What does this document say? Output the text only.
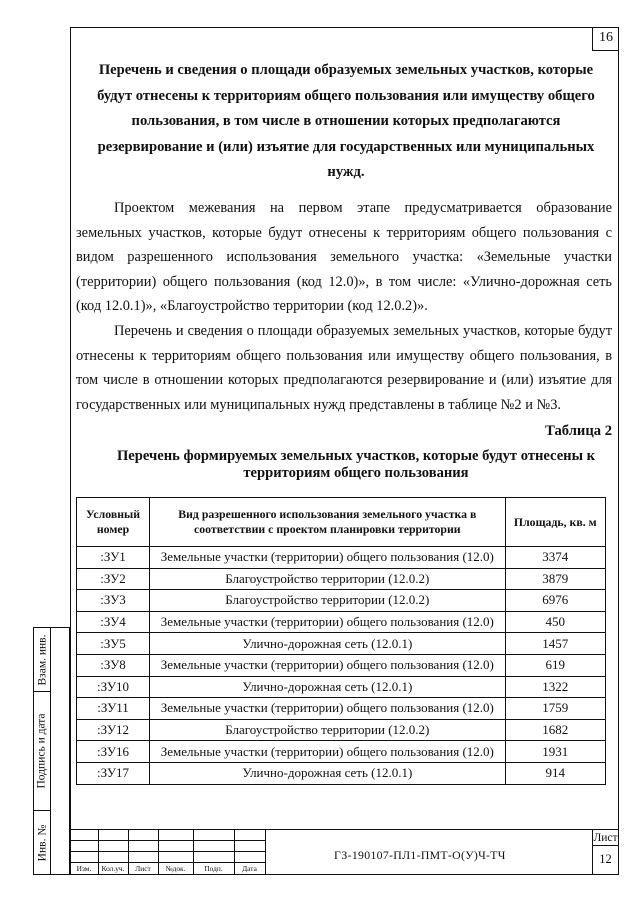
16
Перечень и сведения о площади образуемых земельных участков, которые будут отнесены к территориям общего пользования или имуществу общего пользования, в том числе в отношении которых предполагаются резервирование и (или) изъятие для государственных или муниципальных нужд.
Проектом межевания на первом этапе предусматривается образование земельных участков, которые будут отнесены к территориям общего пользования с видом разрешенного использования земельного участка: «Земельные участки (территории) общего пользования (код 12.0)», в том числе: «Улично-дорожная сеть (код 12.0.1)», «Благоустройство территории (код 12.0.2)».
Перечень и сведения о площади образуемых земельных участков, которые будут отнесены к территориям общего пользования или имуществу общего пользования, в том числе в отношении которых предполагаются резервирование и (или) изъятие для государственных или муниципальных нужд представлены в таблице №2 и №3.
Таблица 2
Перечень формируемых земельных участков, которые будут отнесены к территориям общего пользования
Условный номер	Вид разрешенного использования земельного участка в соответствии с проектом планировки территории	Площадь, кв. м
:ЗУ1	Земельные участки (территории) общего пользования (12.0)	3374
:ЗУ2	Благоустройство территории (12.0.2)	3879
:ЗУ3	Благоустройство территории (12.0.2)	6976
:ЗУ4	Земельные участки (территории) общего пользования (12.0)	450
:ЗУ5	Улично-дорожная сеть (12.0.1)	1457
:ЗУ8	Земельные участки (территории) общего пользования (12.0)	619
:ЗУ10	Улично-дорожная сеть (12.0.1)	1322
:ЗУ11	Земельные участки (территории) общего пользования (12.0)	1759
:ЗУ12	Благоустройство территории (12.0.2)	1682
:ЗУ16	Земельные участки (территории) общего пользования (12.0)	1931
:ЗУ17	Улично-дорожная сеть (12.0.1)	914
Взам. инв.
Подпись и дата
Инв. №
Изм.	Кол.уч.	Лист	№док.	Подп.	Дата
ГЗ-190107-ПЛ1-ПМТ-О(У)Ч-ТЧ
Лист
12
